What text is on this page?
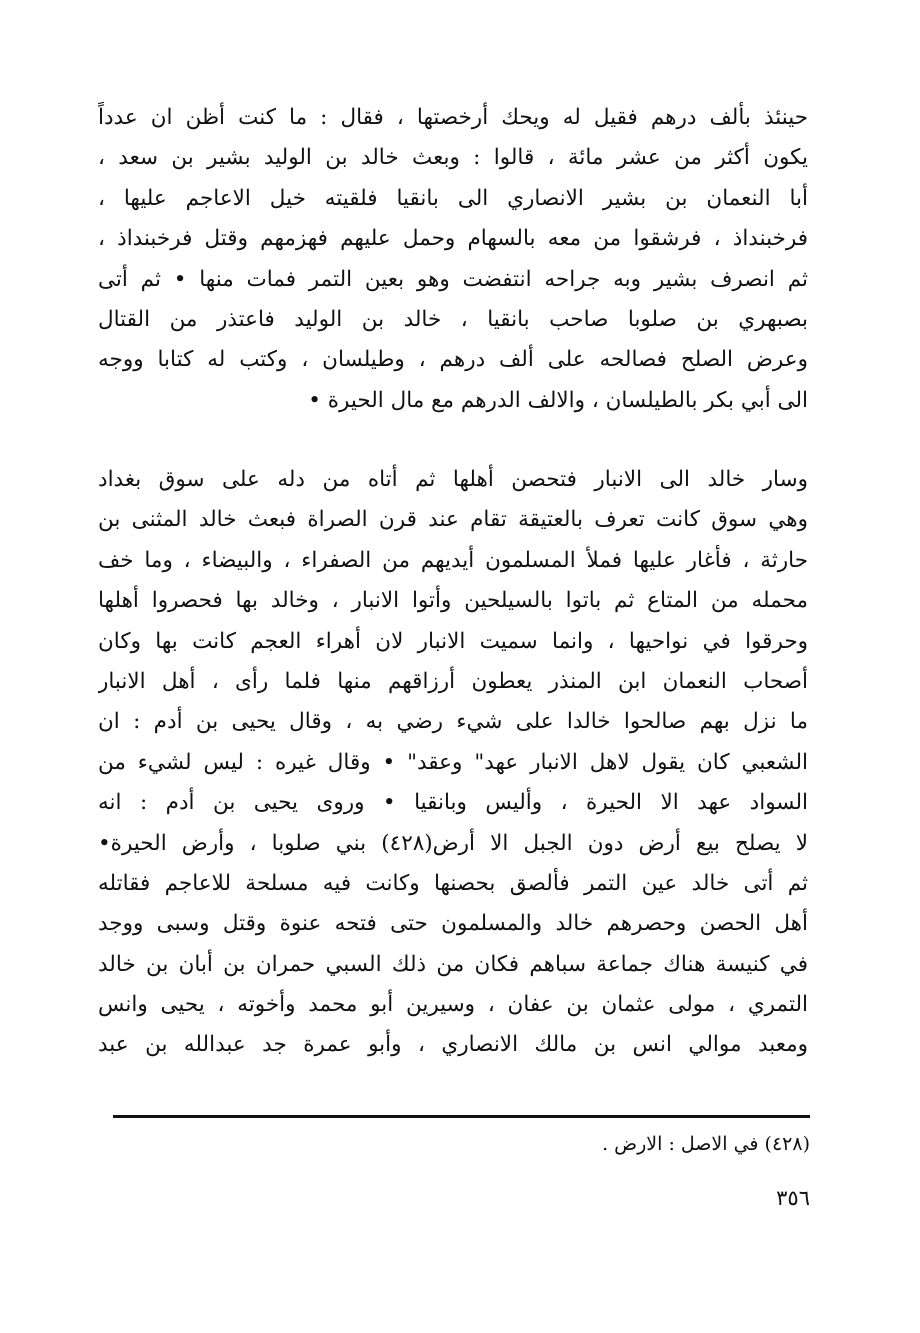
حينئذ بألف درهم فقيل له ويحك أرخصتها ، فقال : ما كنت أظن ان عدداً
يكون أكثر من عشر مائة ، قالوا : وبعث خالد بن الوليد بشير بن سعد ،
أبا النعمان بن بشير الانصاري الى بانقيا فلقيته خيل الاعاجم عليها ،
فرخبنداذ ، فرشقوا من معه بالسهام وحمل عليهم فهزمهم وقتل فرخبنداذ ،
ثم انصرف بشير وبه جراحه انتفضت وهو بعين التمر فمات منها • ثم أتى
بصبهري بن صلوبا صاحب بانقيا ، خالد بن الوليد فاعتذر من القتال
وعرض الصلح فصالحه على ألف درهم ، وطيلسان ، وكتب له كتابا ووجه
الى أبي بكر بالطيلسان ، والالف الدرهم مع مال الحيرة •
وسار خالد الى الانبار فتحصن أهلها ثم أتاه من دله على سوق بغداد
وهي سوق كانت تعرف بالعتيقة تقام عند قرن الصراة فبعث خالد المثنى بن
حارثة ، فأغار عليها فملأ المسلمون أيديهم من الصفراء ، والبيضاء ، وما خف
محمله من المتاع ثم باتوا بالسيلحين وأتوا الانبار ، وخالد بها فحصروا أهلها
وحرقوا في نواحيها ، وانما سميت الانبار لان أهراء العجم كانت بها وكان
أصحاب النعمان ابن المنذر يعطون أرزاقهم منها فلما رأى ، أهل الانبار
ما نزل بهم صالحوا خالدا على شيء رضي به ، وقال يحيى بن أدم : ان
الشعبي كان يقول لاهل الانبار عهد" وعقد" • وقال غيره : ليس لشيء من
السواد عهد الا الحيرة ، وأليس وبانقيا • وروى يحيى بن أدم : انه
لا يصلح بيع أرض دون الجبل الا أرض(٤٢٨) بني صلوبا ، وأرض الحيرة•
ثم أتى خالد عين التمر فألصق بحصنها وكانت فيه مسلحة للاعاجم فقاتله
أهل الحصن وحصرهم خالد والمسلمون حتى فتحه عنوة وقتل وسبى ووجد
في كنيسة هناك جماعة سباهم فكان من ذلك السبي حمران بن أبان بن خالد
التمري ، مولى عثمان بن عفان ، وسيرين أبو محمد وأخوته ، يحيى وانس
ومعبد موالي انس بن مالك الانصاري ، وأبو عمرة جد عبدالله بن عبد
(٤٢٨) في الاصل : الارض .
٣٥٦
